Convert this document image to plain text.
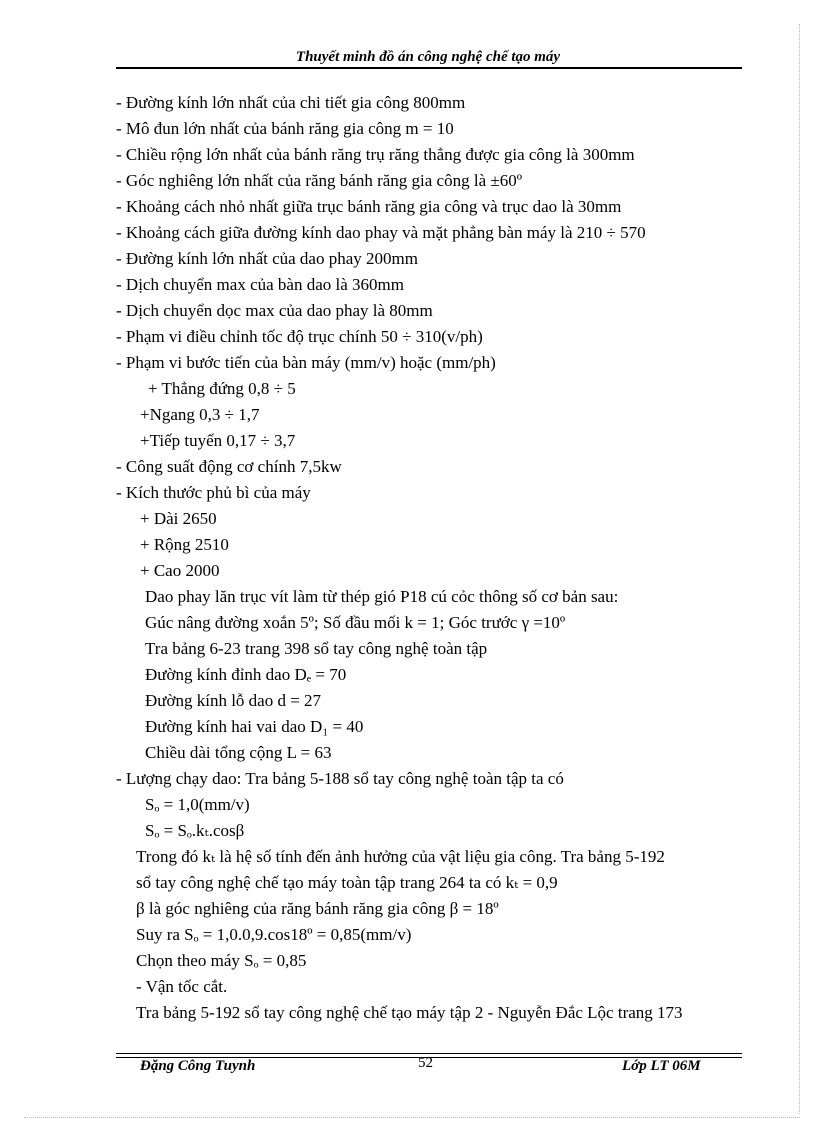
Thuyết minh đồ án công nghệ chế tạo máy
- Đường kính lớn nhất của chi tiết gia công 800mm
- Mô đun lớn nhất của bánh răng gia công m = 10
- Chiều rộng lớn nhất của bánh răng trụ răng thẳng được gia công là 300mm
- Góc nghiêng lớn nhất của răng bánh răng gia công là ±60º
- Khoảng cách nhỏ nhất giữa trục bánh răng gia công và trục dao là 30mm
- Khoảng cách giữa đường kính dao phay và mặt phẳng bàn máy là 210 ÷ 570
- Đường kính lớn nhất của dao phay 200mm
- Dịch chuyển max của bàn dao là 360mm
- Dịch chuyển dọc max của dao phay là 80mm
- Phạm vi điều chỉnh tốc độ trục chính 50 ÷ 310(v/ph)
- Phạm vi bước tiến của bàn máy (mm/v) hoặc (mm/ph)
+ Thẳng đứng 0,8 ÷ 5
+Ngang 0,3 ÷ 1,7
+Tiếp tuyến 0,17 ÷ 3,7
- Công suất động cơ chính 7,5kw
- Kích thước phủ bì của máy
+ Dài 2650
+ Rộng 2510
+ Cao 2000
Dao phay lăn trục vít làm từ thép gió P18 cú cỏc thông số cơ bản sau:
Gúc nâng đường xoắn 5º; Số đầu mối k = 1; Góc trước γ =10º
Tra bảng 6-23 trang 398 sổ tay công nghệ toàn tập
Đường kính đỉnh dao Dₑ = 70
Đường kính lỗ dao d = 27
Đường kính hai vai dao D₁ = 40
Chiều dài tổng cộng L = 63
- Lượng chạy dao: Tra bảng 5-188 sổ tay công nghệ toàn tập ta có
Sₒ = 1,0(mm/v)
Sₒ = Sₒ.kₜ.cosβ
Trong đó kₜ là hệ số tính đến ảnh hưởng của vật liệu gia công. Tra bảng 5-192
sổ tay công nghệ chế tạo máy toàn tập trang 264 ta có kₜ = 0,9
β là góc nghiêng của răng bánh răng gia công β = 18º
Suy ra Sₒ = 1,0.0,9.cos18º = 0,85(mm/v)
Chọn theo máy Sₒ = 0,85
- Vận tốc cắt.
Tra bảng 5-192 sổ tay công nghệ chế tạo máy tập 2 - Nguyễn Đắc Lộc trang 173
Đặng Công Tuynh	52	Lớp LT 06M
